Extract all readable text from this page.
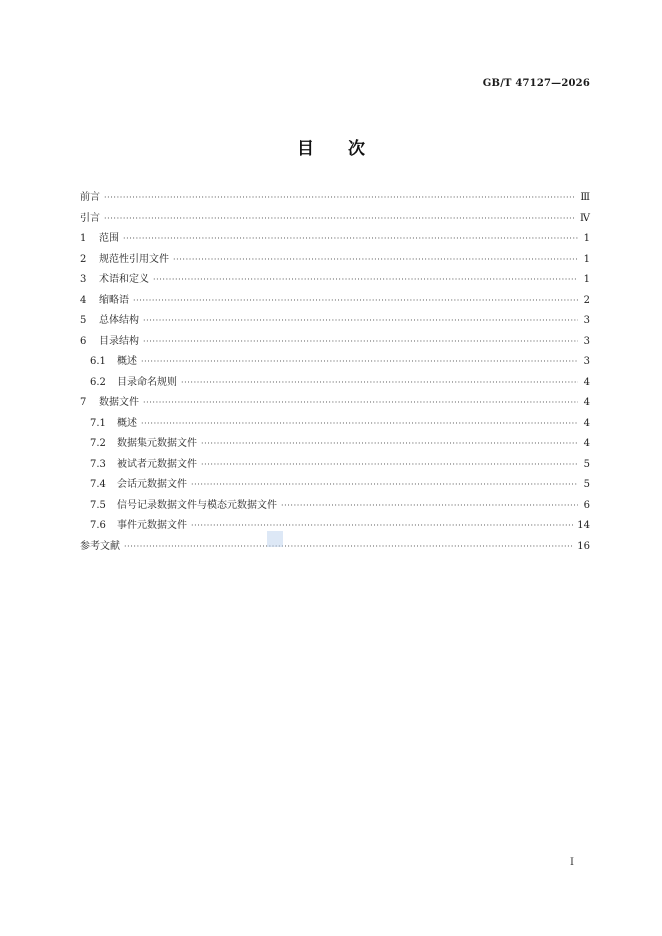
GB/T 47127—2026
目 次
前言 ·····	Ⅲ
引言 ·····	Ⅳ
1	范围 ·····	1
2	规范性引用文件 ·····	1
3	术语和定义 ·····	1
4	缩略语 ·····	2
5	总体结构 ·····	3
6	目录结构 ·····	3
6.1	概述 ·····	3
6.2	目录命名规则 ·····	4
7	数据文件 ·····	4
7.1	概述 ·····	4
7.2	数据集元数据文件 ·····	4
7.3	被试者元数据文件 ·····	5
7.4	会话元数据文件 ·····	5
7.5	信号记录数据文件与模态元数据文件 ·····	6
7.6	事件元数据文件 ·····	14
参考文献 ·····	16
I
